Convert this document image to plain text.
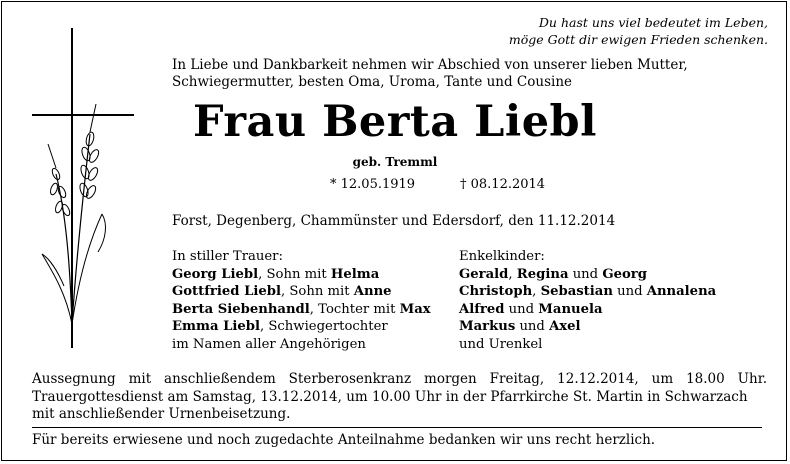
Du hast uns viel bedeutet im Leben,
möge Gott dir ewigen Frieden schenken.
In Liebe und Dankbarkeit nehmen wir Abschied von unserer lieben Mutter,
Schwiegermutter, besten Oma, Uroma, Tante und Cousine
Frau Berta Liebl
geb. Tremml
* 12.05.1919	† 08.12.2014
Forst, Degenberg, Chammünster und Edersdorf, den 11.12.2014
In stiller Trauer:
Georg Liebl, Sohn mit Helma
Gottfried Liebl, Sohn mit Anne
Berta Siebenhandl, Tochter mit Max
Emma Liebl, Schwiegertochter
im Namen aller Angehörigen
Enkelkinder:
Gerald, Regina und Georg
Christoph, Sebastian und Annalena
Alfred und Manuela
Markus und Axel
und Urenkel
Aussegnung mit anschließendem Sterberosenkranz morgen Freitag, 12.12.2014, um 18.00 Uhr.
Trauergottesdienst am Samstag, 13.12.2014, um 10.00 Uhr in der Pfarrkirche St. Martin in Schwarzach
mit anschließender Urnenbeisetzung.
Für bereits erwiesene und noch zugedachte Anteilnahme bedanken wir uns recht herzlich.
